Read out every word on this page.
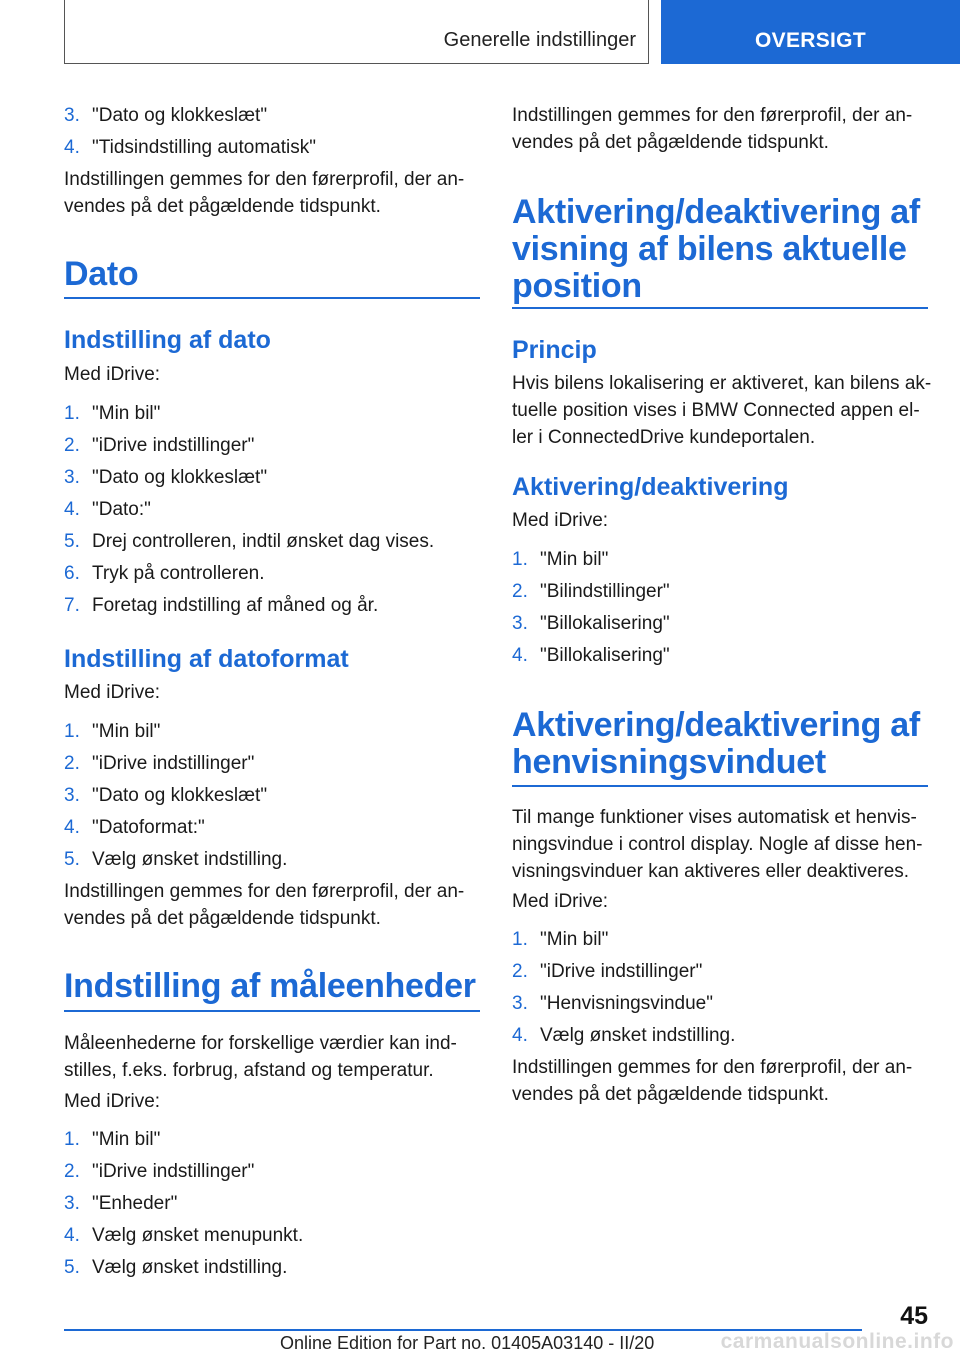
Generelle indstillinger	OVERSIGT
3. "Dato og klokkeslæt"
4. "Tidsindstilling automatisk"
Indstillingen gemmes for den førerprofil, der an-
vendes på det pågældende tidspunkt.
Dato
Indstilling af dato
Med iDrive:
1. "Min bil"
2. "iDrive indstillinger"
3. "Dato og klokkeslæt"
4. "Dato:"
5. Drej controlleren, indtil ønsket dag vises.
6. Tryk på controlleren.
7. Foretag indstilling af måned og år.
Indstilling af datoformat
Med iDrive:
1. "Min bil"
2. "iDrive indstillinger"
3. "Dato og klokkeslæt"
4. "Datoformat:"
5. Vælg ønsket indstilling.
Indstillingen gemmes for den førerprofil, der an-
vendes på det pågældende tidspunkt.
Indstilling af måleenheder
Måleenhederne for forskellige værdier kan ind-
stilles, f.eks. forbrug, afstand og temperatur.
Med iDrive:
1. "Min bil"
2. "iDrive indstillinger"
3. "Enheder"
4. Vælg ønsket menupunkt.
5. Vælg ønsket indstilling.
Indstillingen gemmes for den førerprofil, der an-
vendes på det pågældende tidspunkt.
Aktivering/deaktivering af
visning af bilens aktuelle
position
Princip
Hvis bilens lokalisering er aktiveret, kan bilens ak-
tuelle position vises i BMW Connected appen el-
ler i ConnectedDrive kundeportalen.
Aktivering/deaktivering
Med iDrive:
1. "Min bil"
2. "Bilindstillinger"
3. "Billokalisering"
4. "Billokalisering"
Aktivering/deaktivering af
henvisningsvinduet
Til mange funktioner vises automatisk et henvis-
ningsvindue i control display. Nogle af disse hen-
visningsvinduer kan aktiveres eller deaktiveres.
Med iDrive:
1. "Min bil"
2. "iDrive indstillinger"
3. "Henvisningsvindue"
4. Vælg ønsket indstilling.
Indstillingen gemmes for den førerprofil, der an-
vendes på det pågældende tidspunkt.
45
Online Edition for Part no. 01405A03140 - II/20	carmanualsonline.info
